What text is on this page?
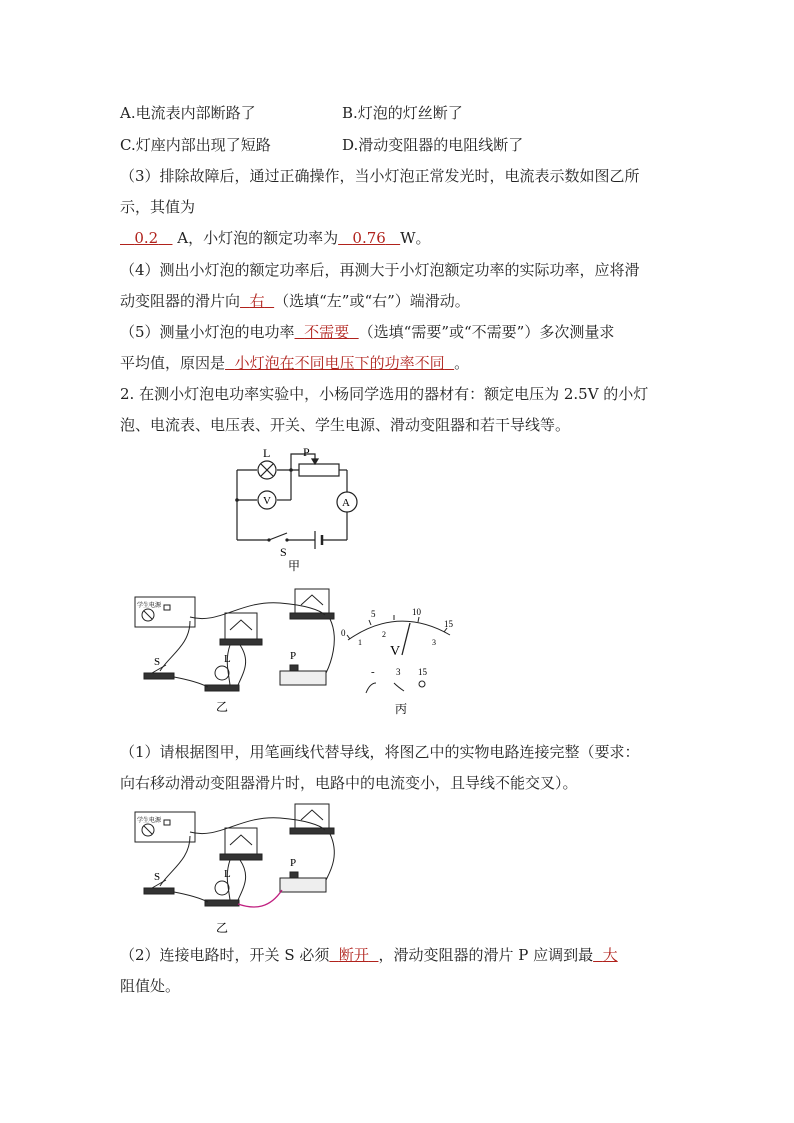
A.电流表内部断路了	B.灯泡的灯丝断了
C.灯座内部出现了短路	D.滑动变阻器的电阻线断了
（3）排除故障后，通过正确操作，当小灯泡正常发光时，电流表示数如图乙所
示，其值为
0.2 A，小灯泡的额定功率为 0.76 W。
（4）测出小灯泡的额定功率后，再测大于小灯泡额定功率的实际功率，应将滑
动变阻器的滑片向 右 （选填“左”或“右”）端滑动。
（5）测量小灯泡的电功率 不需要 （选填“需要”或“不需要”）多次测量求
平均值，原因是 小灯泡在不同电压下的功率不同 。
2. 在测小灯泡电功率实验中，小杨同学选用的器材有：额定电压为 2.5V 的小灯
泡、电流表、电压表、开关、学生电源、滑动变阻器和若干导线等。
L	P
V	A
S
甲
学生电源
S	L	P
乙
0
5	10
15
1
2
3
V
- 3 15
丙
（1）请根据图甲，用笔画线代替导线，将图乙中的实物电路连接完整（要求：
向右移动滑动变阻器滑片时，电路中的电流变小，且导线不能交叉）。
学生电源
S	L
P
乙
（2）连接电路时，开关 S 必须 断开 ，滑动变阻器的滑片 P 应调到最 大
阻值处。
